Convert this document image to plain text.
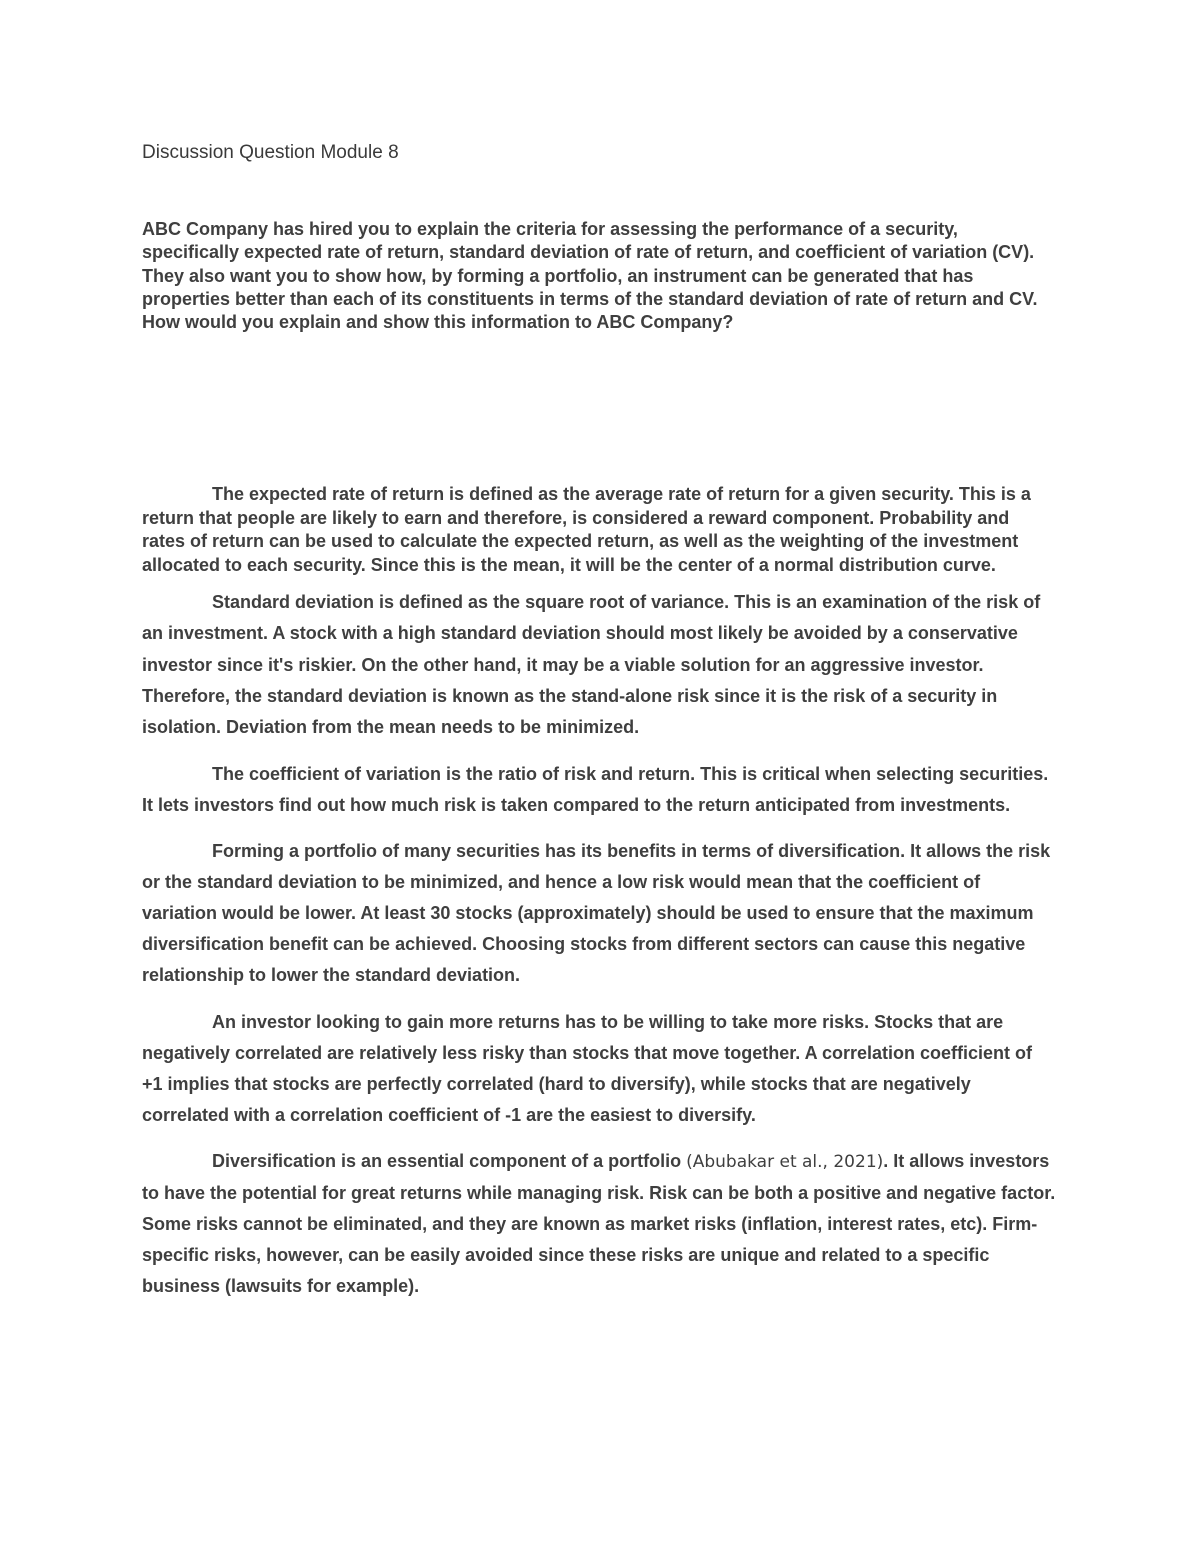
Discussion Question Module 8

ABC Company has hired you to explain the criteria for assessing the performance of a security, specifically expected rate of return, standard deviation of rate of return, and coefficient of variation (CV). They also want you to show how, by forming a portfolio, an instrument can be generated that has properties better than each of its constituents in terms of the standard deviation of rate of return and CV. How would you explain and show this information to ABC Company?

The expected rate of return is defined as the average rate of return for a given security. This is a return that people are likely to earn and therefore, is considered a reward component. Probability and rates of return can be used to calculate the expected return, as well as the weighting of the investment allocated to each security. Since this is the mean, it will be the center of a normal distribution curve.

Standard deviation is defined as the square root of variance. This is an examination of the risk of an investment. A stock with a high standard deviation should most likely be avoided by a conservative investor since it's riskier. On the other hand, it may be a viable solution for an aggressive investor. Therefore, the standard deviation is known as the stand-alone risk since it is the risk of a security in isolation. Deviation from the mean needs to be minimized.

The coefficient of variation is the ratio of risk and return. This is critical when selecting securities. It lets investors find out how much risk is taken compared to the return anticipated from investments.

Forming a portfolio of many securities has its benefits in terms of diversification. It allows the risk or the standard deviation to be minimized, and hence a low risk would mean that the coefficient of variation would be lower. At least 30 stocks (approximately) should be used to ensure that the maximum diversification benefit can be achieved. Choosing stocks from different sectors can cause this negative relationship to lower the standard deviation.

An investor looking to gain more returns has to be willing to take more risks. Stocks that are negatively correlated are relatively less risky than stocks that move together. A correlation coefficient of +1 implies that stocks are perfectly correlated (hard to diversify), while stocks that are negatively correlated with a correlation coefficient of -1 are the easiest to diversify.

Diversification is an essential component of a portfolio (Abubakar et al., 2021). It allows investors to have the potential for great returns while managing risk. Risk can be both a positive and negative factor. Some risks cannot be eliminated, and they are known as market risks (inflation, interest rates, etc). Firm-specific risks, however, can be easily avoided since these risks are unique and related to a specific business (lawsuits for example).
